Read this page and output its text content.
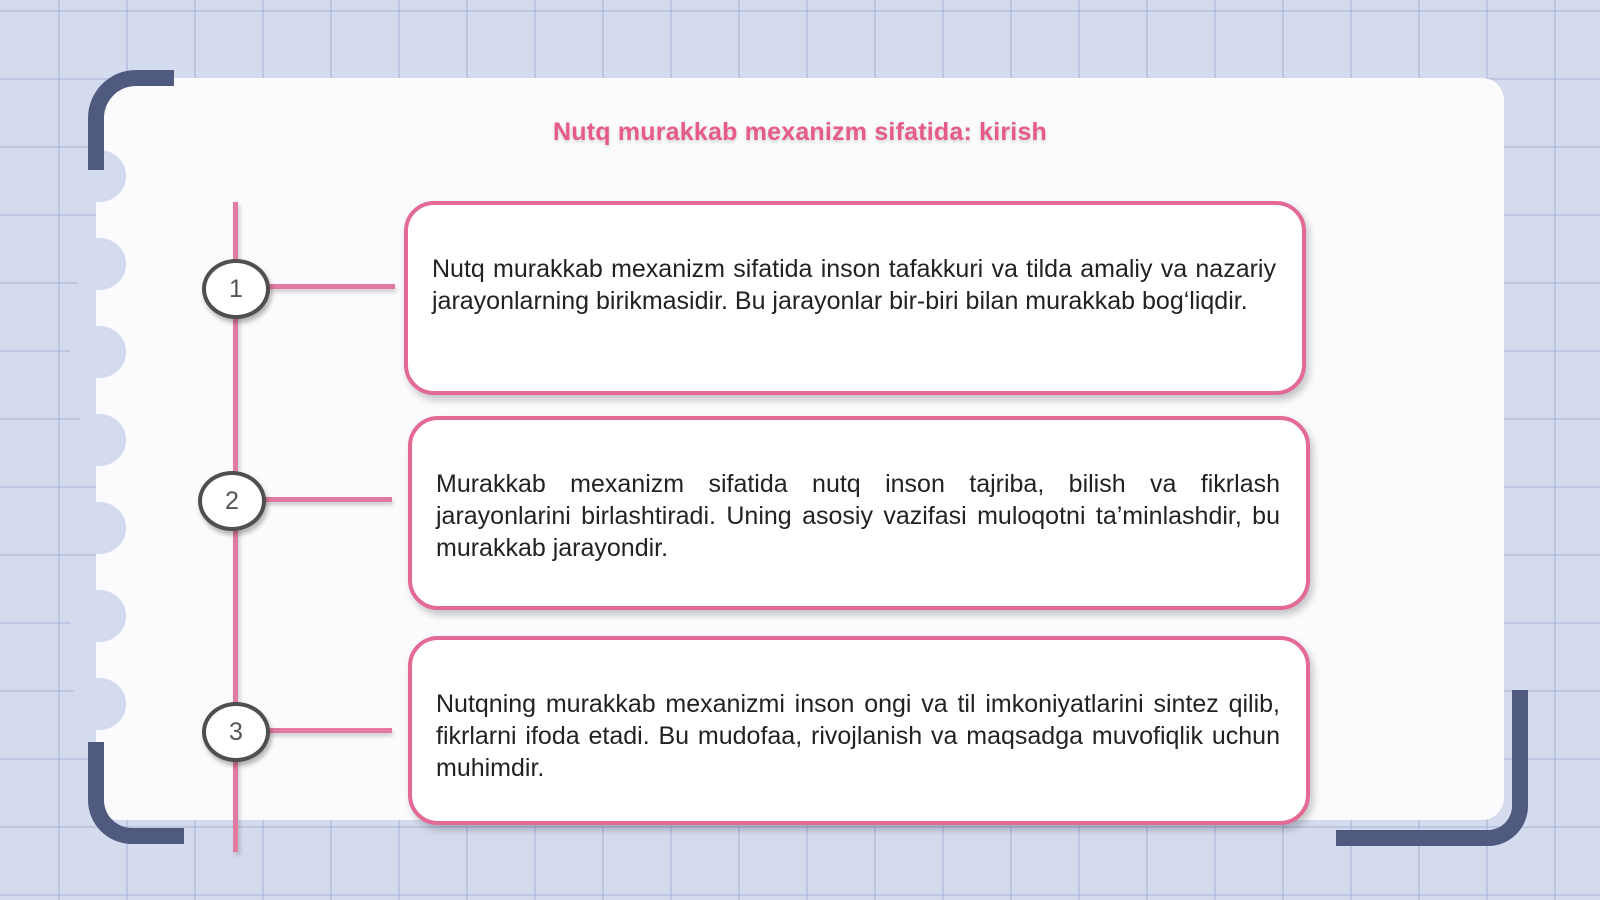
Nutq murakkab mexanizm sifatida: kirish
1

Nutq murakkab mexanizm sifatida inson tafakkuri va tilda amaliy va nazariy jarayonlarning birikmasidir. Bu jarayonlar bir-biri bilan murakkab bog‘liqdir.

2

Murakkab mexanizm sifatida nutq inson tajriba, bilish va fikrlash jarayonlarini birlashtiradi. Uning asosiy vazifasi muloqotni ta’minlashdir, bu murakkab jarayondir.

3

Nutqning murakkab mexanizmi inson ongi va til imkoniyatlarini sintez qilib, fikrlarni ifoda etadi. Bu mudofaa, rivojlanish va maqsadga muvofiqlik uchun muhimdir.
